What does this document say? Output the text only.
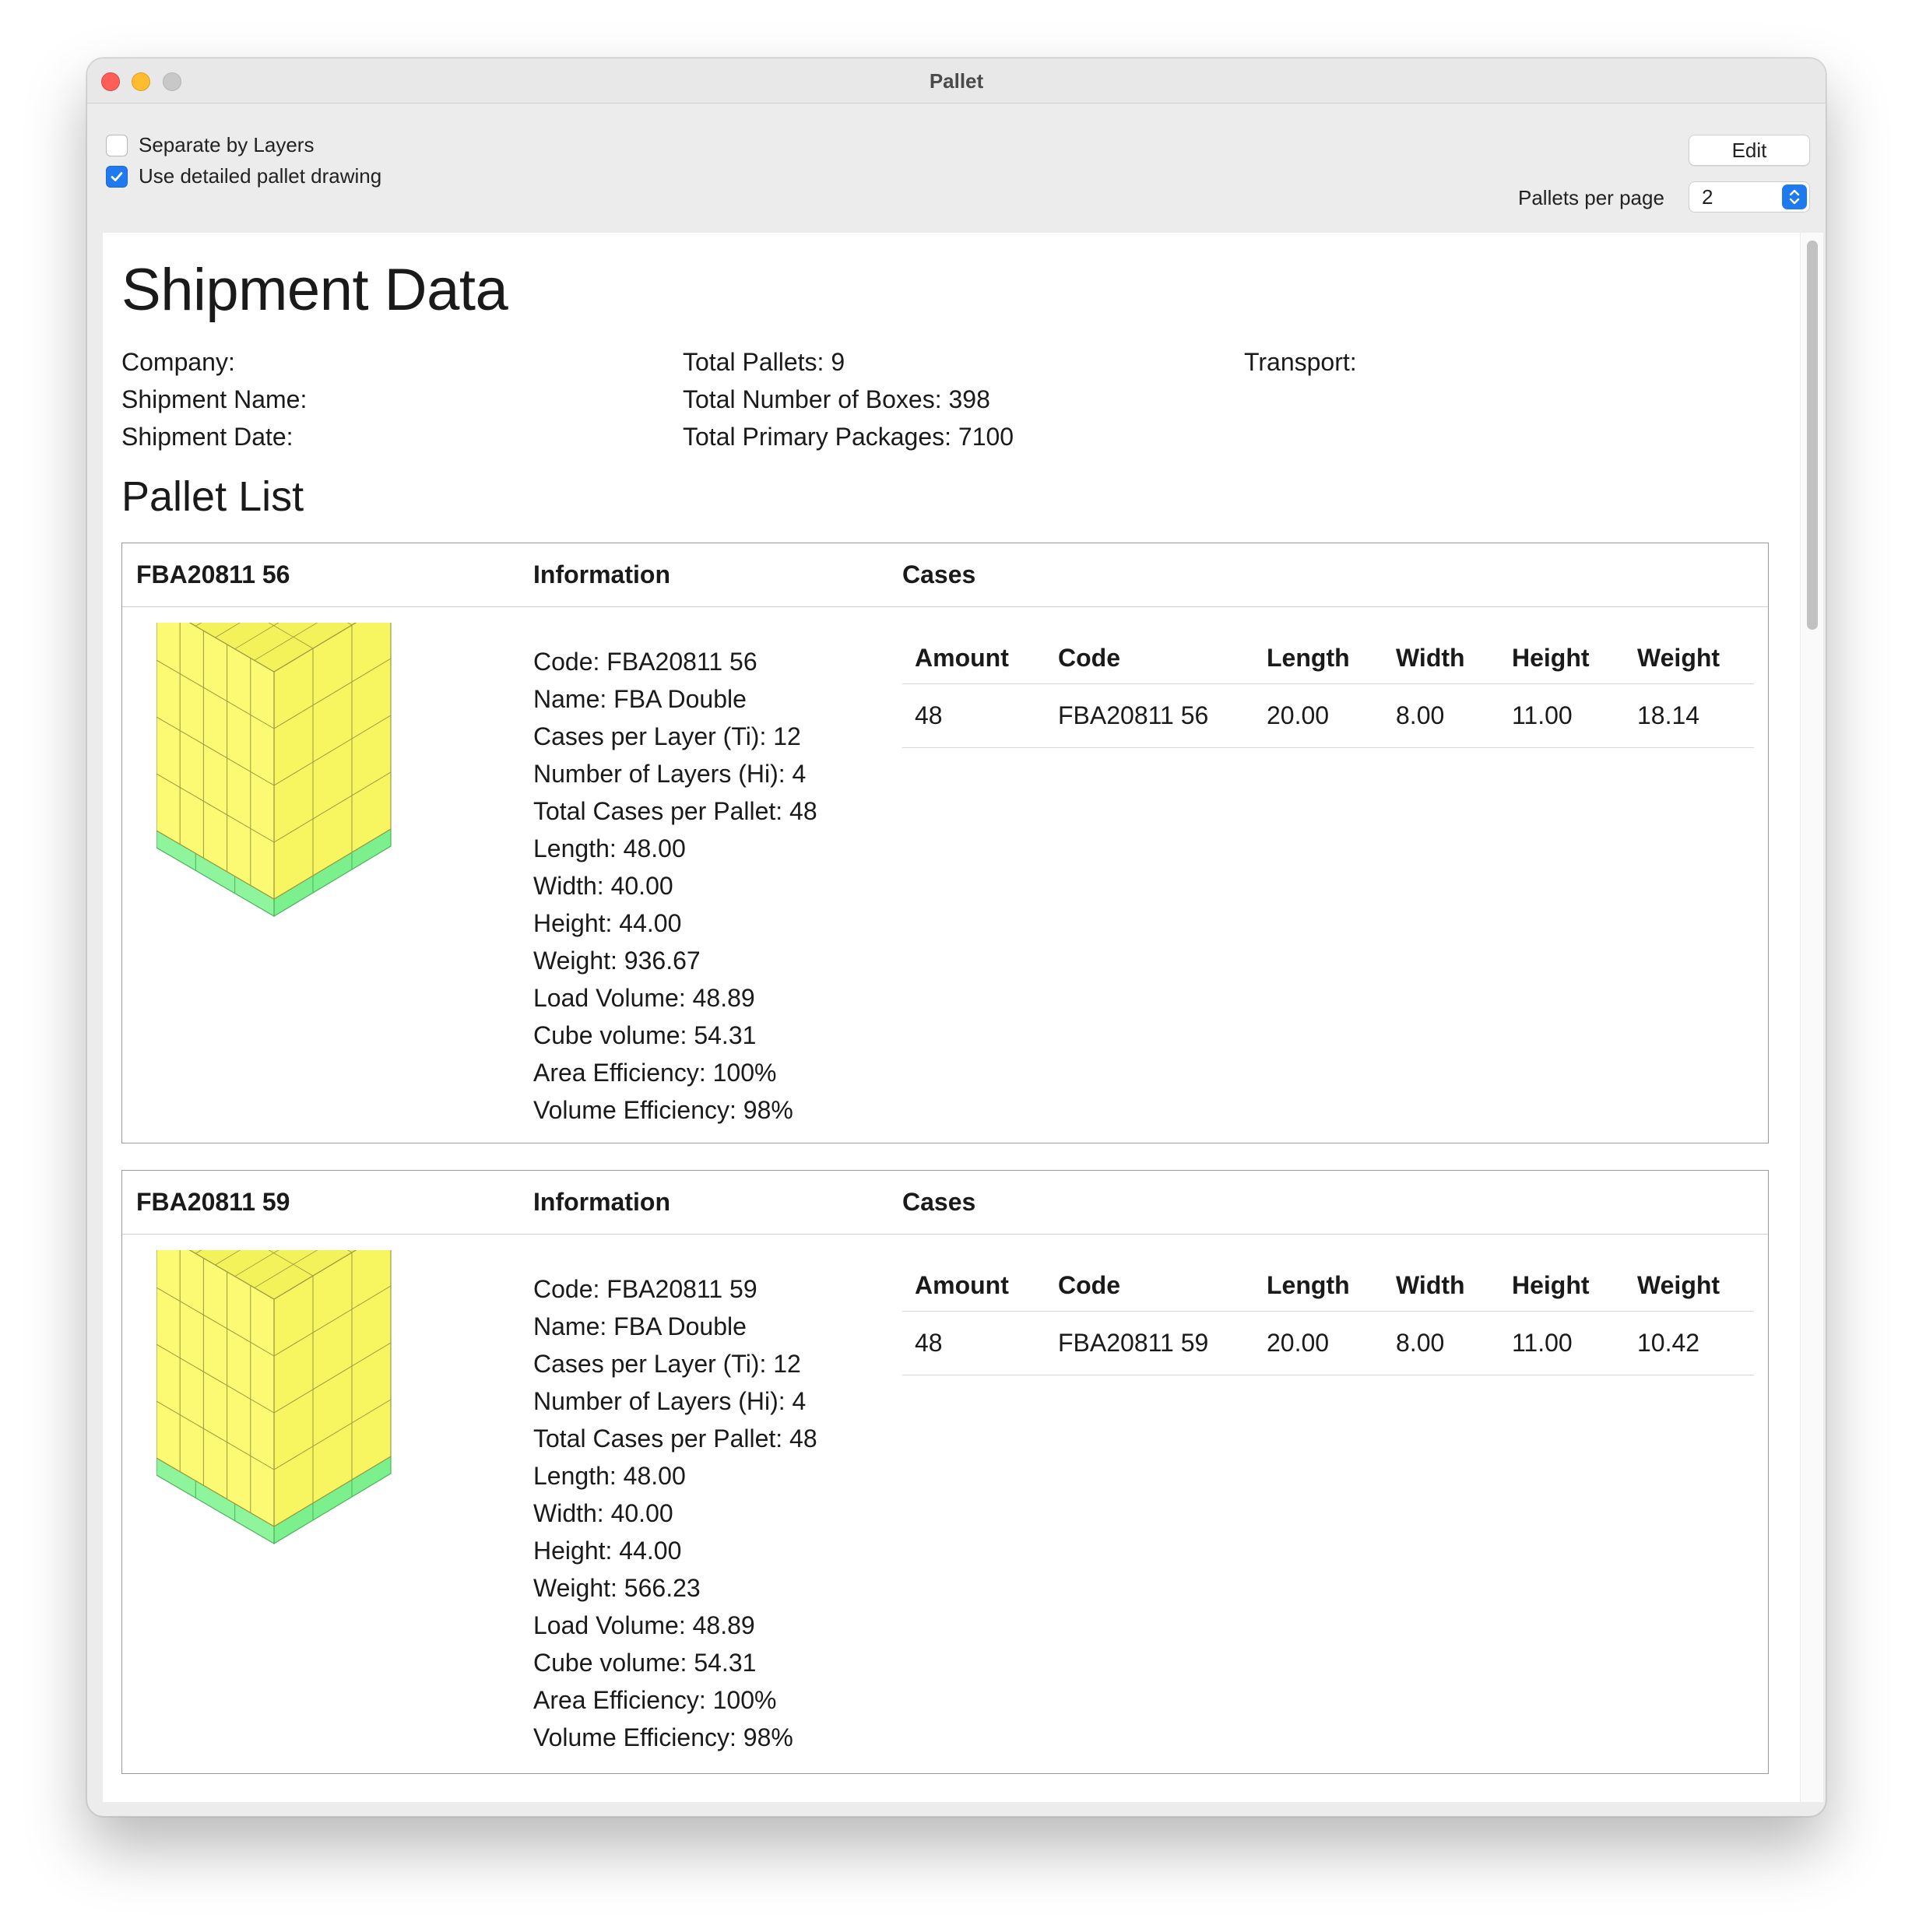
Pallet
Separate by Layers
Use detailed pallet drawing
Edit
Pallets per page	2
Shipment Data
Company:
Shipment Name:
Shipment Date:
Total Pallets: 9
Total Number of Boxes: 398
Total Primary Packages: 7100
Transport:
Pallet List
FBA20811 56	Information	Cases
Code: FBA20811 56
Name: FBA Double
Cases per Layer (Ti): 12
Number of Layers (Hi): 4
Total Cases per Pallet: 48
Length: 48.00
Width: 40.00
Height: 44.00
Weight: 936.67
Load Volume: 48.89
Cube volume: 54.31
Area Efficiency: 100%
Volume Efficiency: 98%
Amount	Code	Length	Width	Height	Weight
48	FBA20811 56	20.00	8.00	11.00	18.14
FBA20811 59	Information	Cases
Code: FBA20811 59
Name: FBA Double
Cases per Layer (Ti): 12
Number of Layers (Hi): 4
Total Cases per Pallet: 48
Length: 48.00
Width: 40.00
Height: 44.00
Weight: 566.23
Load Volume: 48.89
Cube volume: 54.31
Area Efficiency: 100%
Volume Efficiency: 98%
Amount	Code	Length	Width	Height	Weight
48	FBA20811 59	20.00	8.00	11.00	10.42
